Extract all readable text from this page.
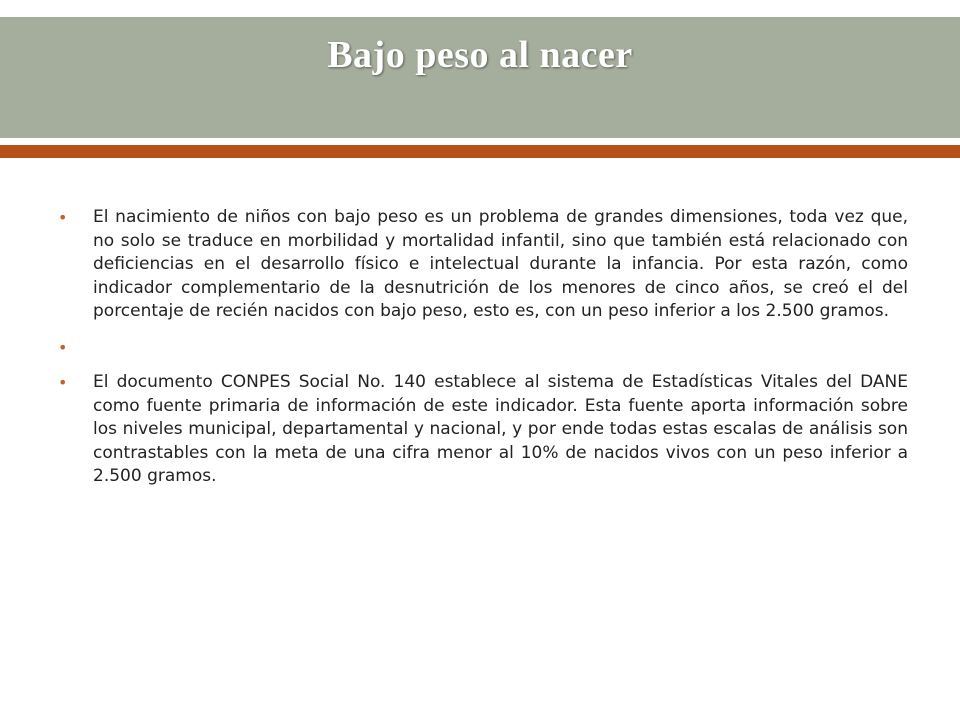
Bajo peso al nacer
• El nacimiento de niños con bajo peso es un problema de grandes dimensiones, toda vez que, no solo se traduce en morbilidad y mortalidad infantil, sino que también está relacionado con deficiencias en el desarrollo físico e intelectual durante la infancia. Por esta razón, como indicador complementario de la desnutrición de los menores de cinco años, se creó el del porcentaje de recién nacidos con bajo peso, esto es, con un peso inferior a los 2.500 gramos.
•
• El documento CONPES Social No. 140 establece al sistema de Estadísticas Vitales del DANE como fuente primaria de información de este indicador. Esta fuente aporta información sobre los niveles municipal, departamental y nacional, y por ende todas estas escalas de análisis son contrastables con la meta de una cifra menor al 10% de nacidos vivos con un peso inferior a 2.500 gramos.
